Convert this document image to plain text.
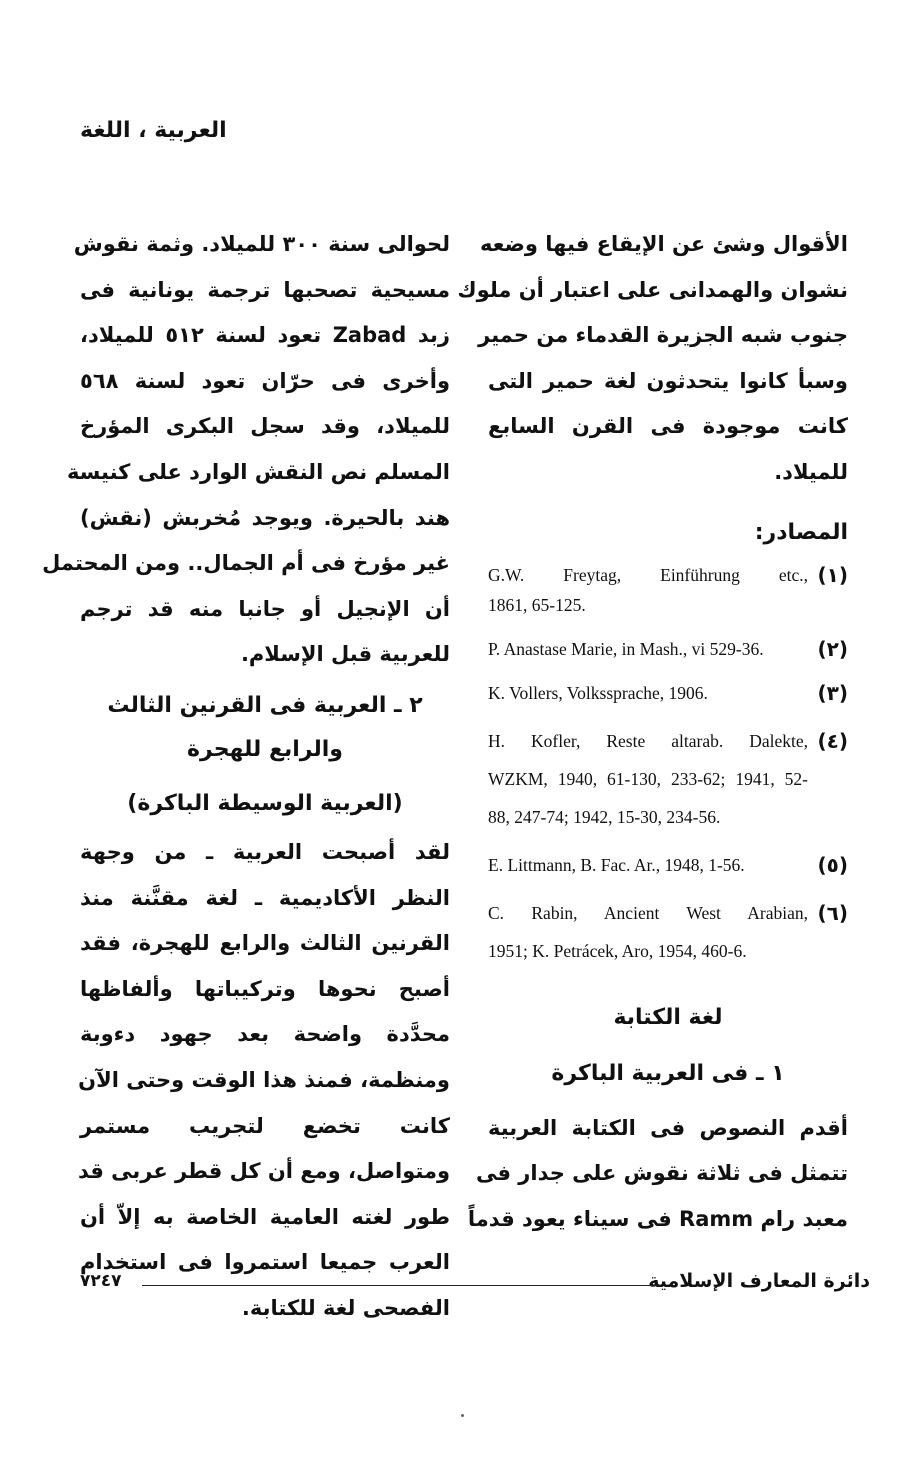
العربية ، اللغة
الأقوال وشئ عن الإيقاع فيها وضعه
نشوان والهمدانى على اعتبار أن ملوك
جنوب شبه الجزيرة القدماء من حمير
وسبأ كانوا يتحدثون لغة حمير التى
كانت موجودة فى القرن السابع
للميلاد.
المصادر:
(١)
G.W. Freytag, Einführung etc.,
1861, 65-125.
(٢)
P. Anastase Marie, in Mash., vi 529-36.
(٣)
K. Vollers, Volkssprache, 1906.
(٤)
H. Kofler, Reste altarab. Dalekte,
WZKM, 1940, 61-130, 233-62; 1941, 52-
88, 247-74; 1942, 15-30, 234-56.
(٥)
E. Littmann, B. Fac. Ar., 1948, 1-56.
(٦)
C. Rabin, Ancient West Arabian,
1951; K. Petrácek, Aro, 1954, 460-6.
لغة الكتابة
١ ـ فى العربية الباكرة
أقدم النصوص فى الكتابة العربية
تتمثل فى ثلاثة نقوش على جدار فى
معبد رام Ramm فى سيناء يعود قدماً
لحوالى سنة ٣٠٠ للميلاد. وثمة نقوش
مسيحية تصحبها ترجمة يونانية فى
زبد Zabad تعود لسنة ٥١٢ للميلاد،
وأخرى فى حرّان تعود لسنة ٥٦٨
للميلاد، وقد سجل البكرى المؤرخ
المسلم نص النقش الوارد على كنيسة
هند بالحيرة. ويوجد مُخربش (نقش)
غير مؤرخ فى أم الجمال.. ومن المحتمل
أن الإنجيل أو جانبا منه قد ترجم
للعربية قبل الإسلام.
٢ ـ العربية فى القرنين الثالث
والرابع للهجرة
(العربية الوسيطة الباكرة)
لقد أصبحت العربية ـ من وجهة
النظر الأكاديمية ـ لغة مقنَّنة منذ
القرنين الثالث والرابع للهجرة، فقد
أصبح نحوها وتركيباتها وألفاظها
محدَّدة واضحة بعد جهود دءوبة
ومنظمة، فمنذ هذا الوقت وحتى الآن
كانت تخضع لتجريب مستمر
ومتواصل، ومع أن كل قطر عربى قد
طور لغته العامية الخاصة به إلاّ أن
العرب جميعا استمروا فى استخدام
الفصحى لغة للكتابة.
دائرة المعارف الإسلامية
٧٢٤٧
